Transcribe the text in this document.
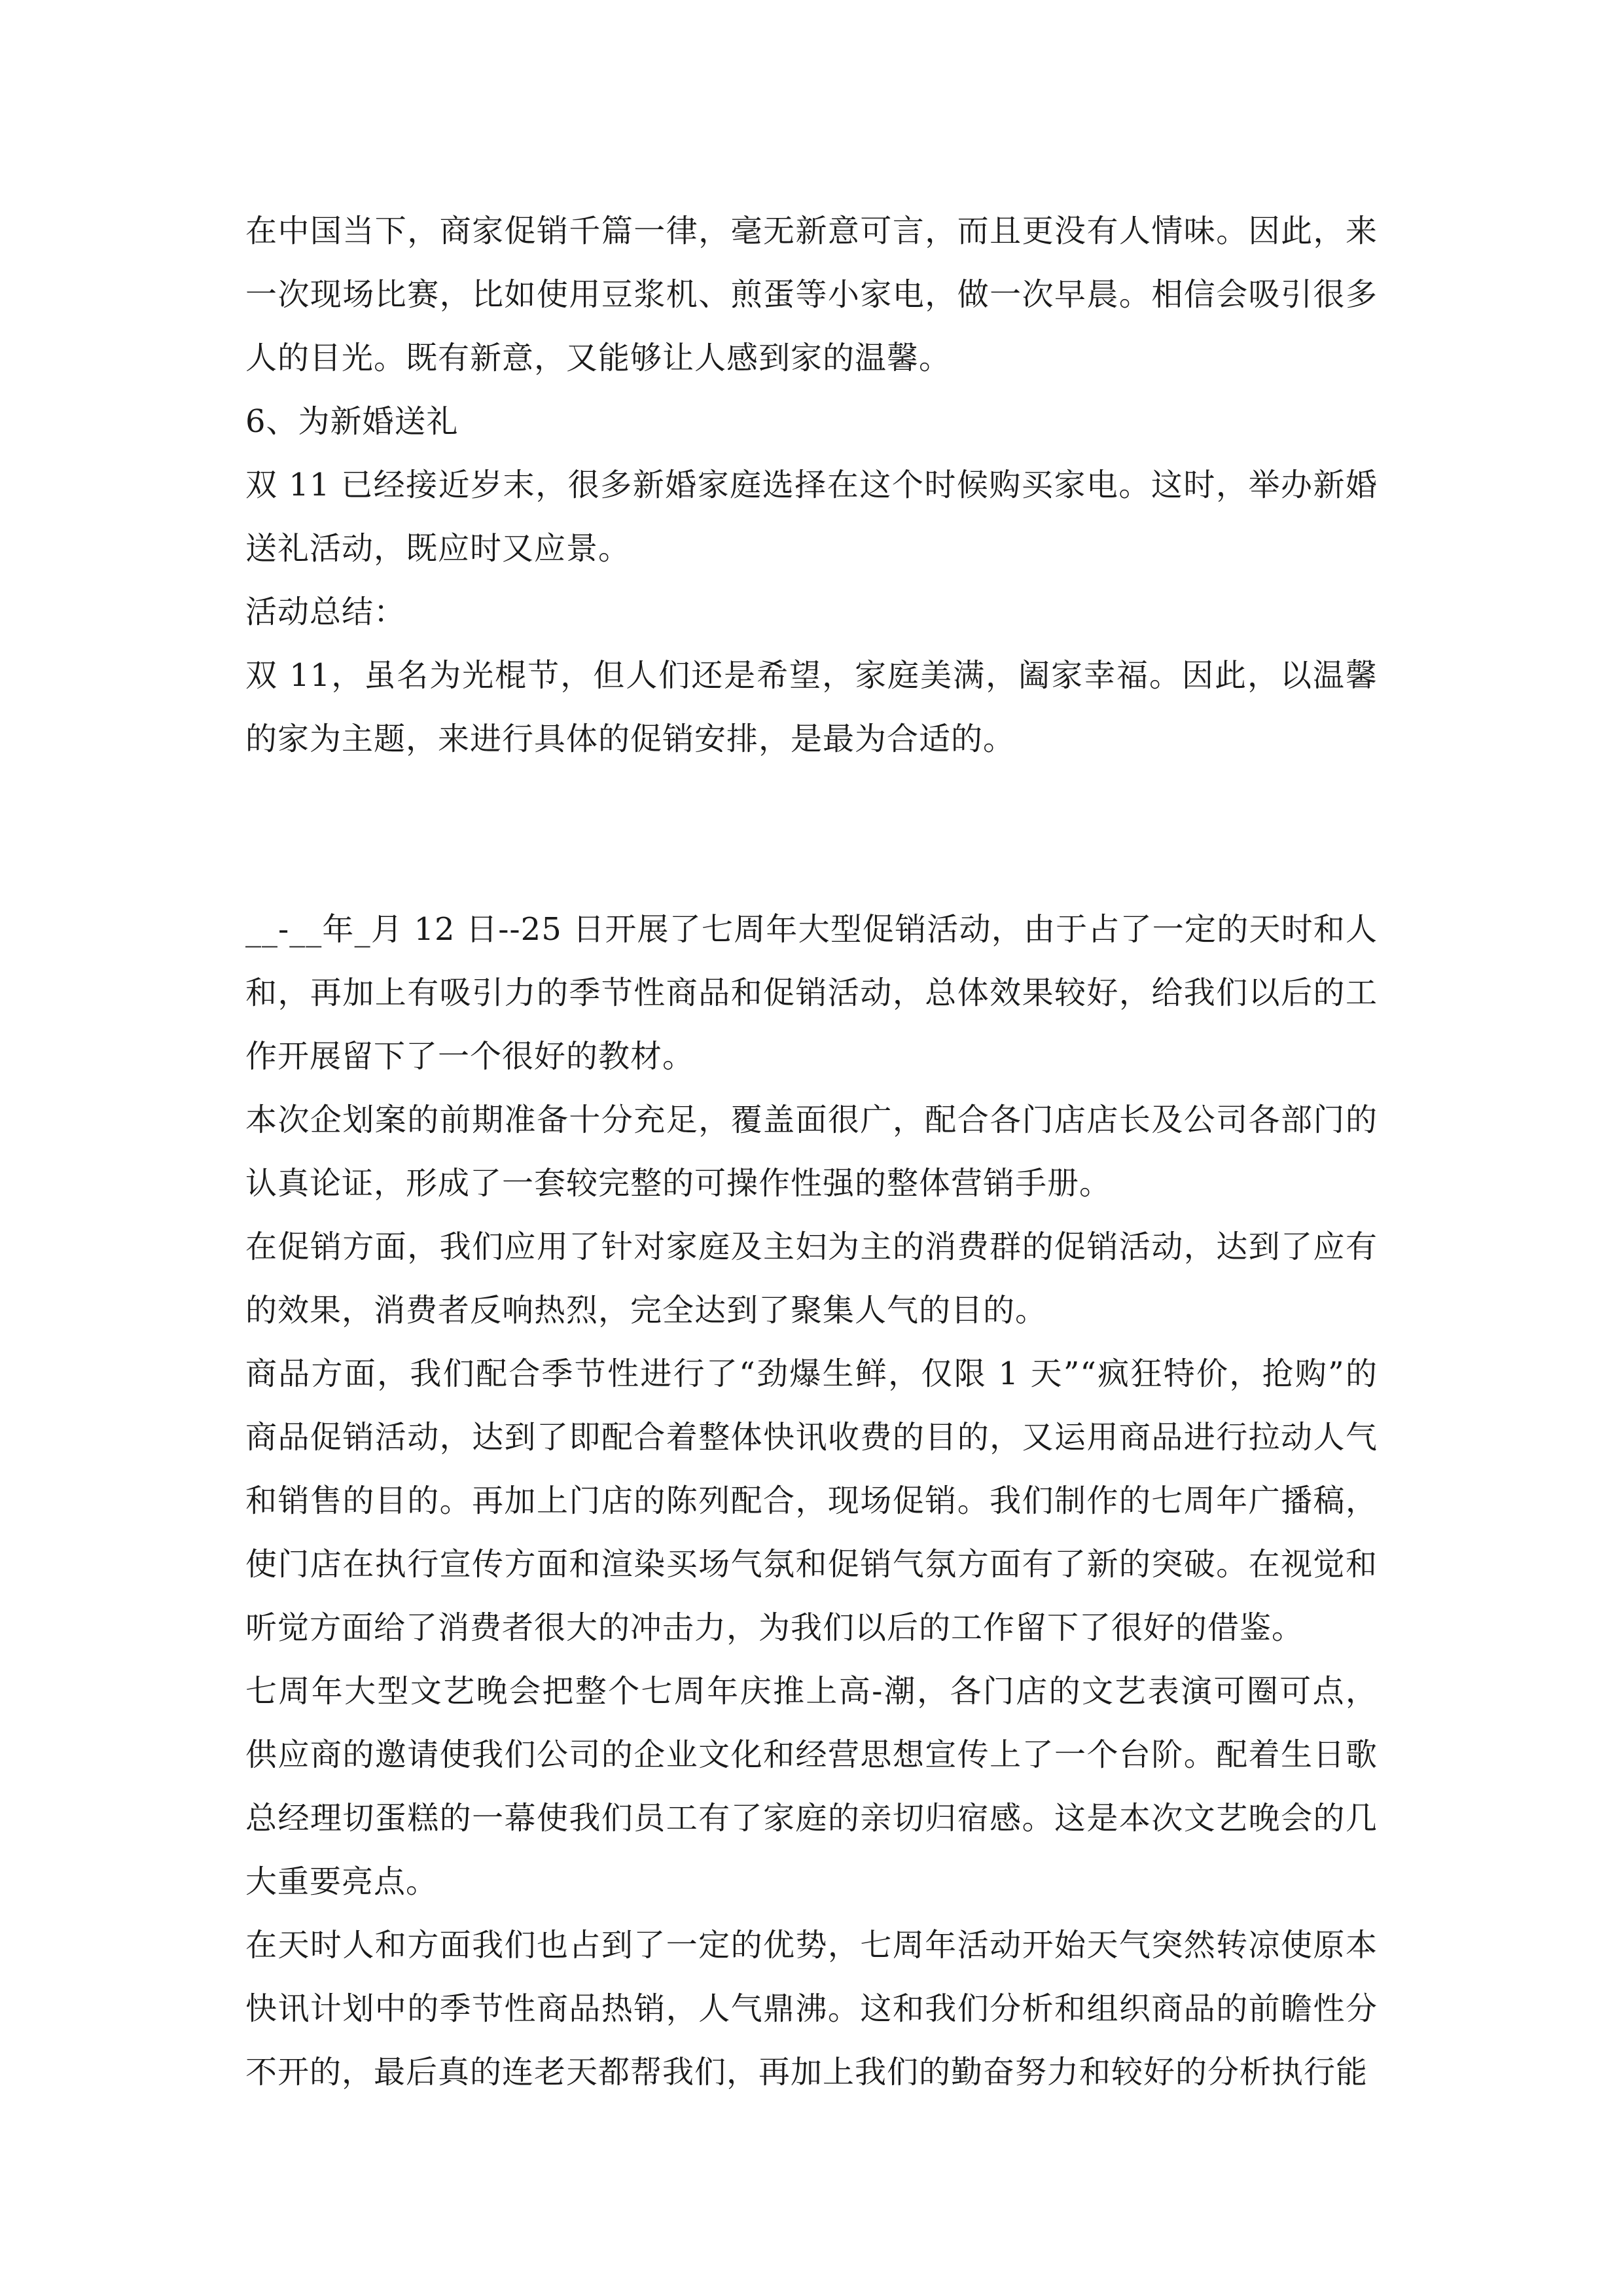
在中国当下，商家促销千篇一律，毫无新意可言，而且更没有人情味。因此，来一次现场比赛，比如使用豆浆机、煎蛋等小家电，做一次早晨。相信会吸引很多人的目光。既有新意，又能够让人感到家的温馨。

6、为新婚送礼

双 11 已经接近岁末，很多新婚家庭选择在这个时候购买家电。这时，举办新婚送礼活动，既应时又应景。

活动总结：

双 11，虽名为光棍节，但人们还是希望，家庭美满，阖家幸福。因此，以温馨的家为主题，来进行具体的促销安排，是最为合适的。

__-__年_月 12 日--25 日开展了七周年大型促销活动，由于占了一定的天时和人和，再加上有吸引力的季节性商品和促销活动，总体效果较好，给我们以后的工作开展留下了一个很好的教材。

本次企划案的前期准备十分充足，覆盖面很广，配合各门店店长及公司各部门的认真论证，形成了一套较完整的可操作性强的整体营销手册。

在促销方面，我们应用了针对家庭及主妇为主的消费群的促销活动，达到了应有的效果，消费者反响热烈，完全达到了聚集人气的目的。

商品方面，我们配合季节性进行了“劲爆生鲜，仅限 1 天”“疯狂特价，抢购”的商品促销活动，达到了即配合着整体快讯收费的目的，又运用商品进行拉动人气和销售的目的。再加上门店的陈列配合，现场促销。我们制作的七周年广播稿，使门店在执行宣传方面和渲染买场气氛和促销气氛方面有了新的突破。在视觉和听觉方面给了消费者很大的冲击力，为我们以后的工作留下了很好的借鉴。

七周年大型文艺晚会把整个七周年庆推上高-潮，各门店的文艺表演可圈可点，供应商的邀请使我们公司的企业文化和经营思想宣传上了一个台阶。配着生日歌总经理切蛋糕的一幕使我们员工有了家庭的亲切归宿感。这是本次文艺晚会的几大重要亮点。

在天时人和方面我们也占到了一定的优势，七周年活动开始天气突然转凉使原本快讯计划中的季节性商品热销，人气鼎沸。这和我们分析和组织商品的前瞻性分不开的，最后真的连老天都帮我们，再加上我们的勤奋努力和较好的分析执行能
